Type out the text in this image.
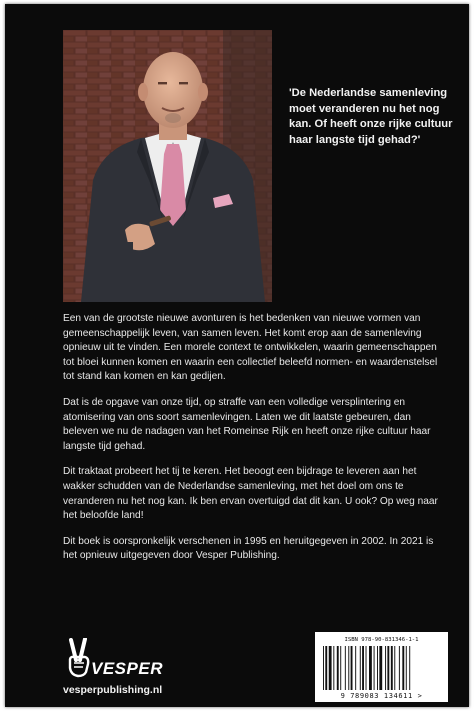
'De Nederlandse samenleving moet veranderen nu het nog kan. Of heeft onze rijke cultuur haar langste tijd gehad?'

Een van de grootste nieuwe avonturen is het bedenken van nieuwe vormen van gemeenschappelijk leven, van samen leven. Het komt erop aan de samenleving opnieuw uit te vinden. Een morele context te ontwikkelen, waarin gemeenschappen tot bloei kunnen komen en waarin een collectief beleefd normen- en waardenstelsel tot stand kan komen en kan gedijen.

Dat is de opgave van onze tijd, op straffe van een volledige versplintering en atomisering van ons soort samenlevingen. Laten we dit laatste gebeuren, dan beleven we nu de nadagen van het Romeinse Rijk en heeft onze rijke cultuur haar langste tijd gehad.

Dit traktaat probeert het tij te keren. Het beoogt een bijdrage te leveren aan het wakker schudden van de Nederlandse samenleving, met het doel om ons te veranderen nu het nog kan. Ik ben ervan overtuigd dat dit kan. U ook? Op weg naar het beloofde land!

Dit boek is oorspronkelijk verschenen in 1995 en heruitgegeven in 2002. In 2021 is het opnieuw uitgegeven door Vesper Publishing.

VESPER
vesperpublishing.nl
ISBN 978-90-831346-1-1
9 789083 134611 >
